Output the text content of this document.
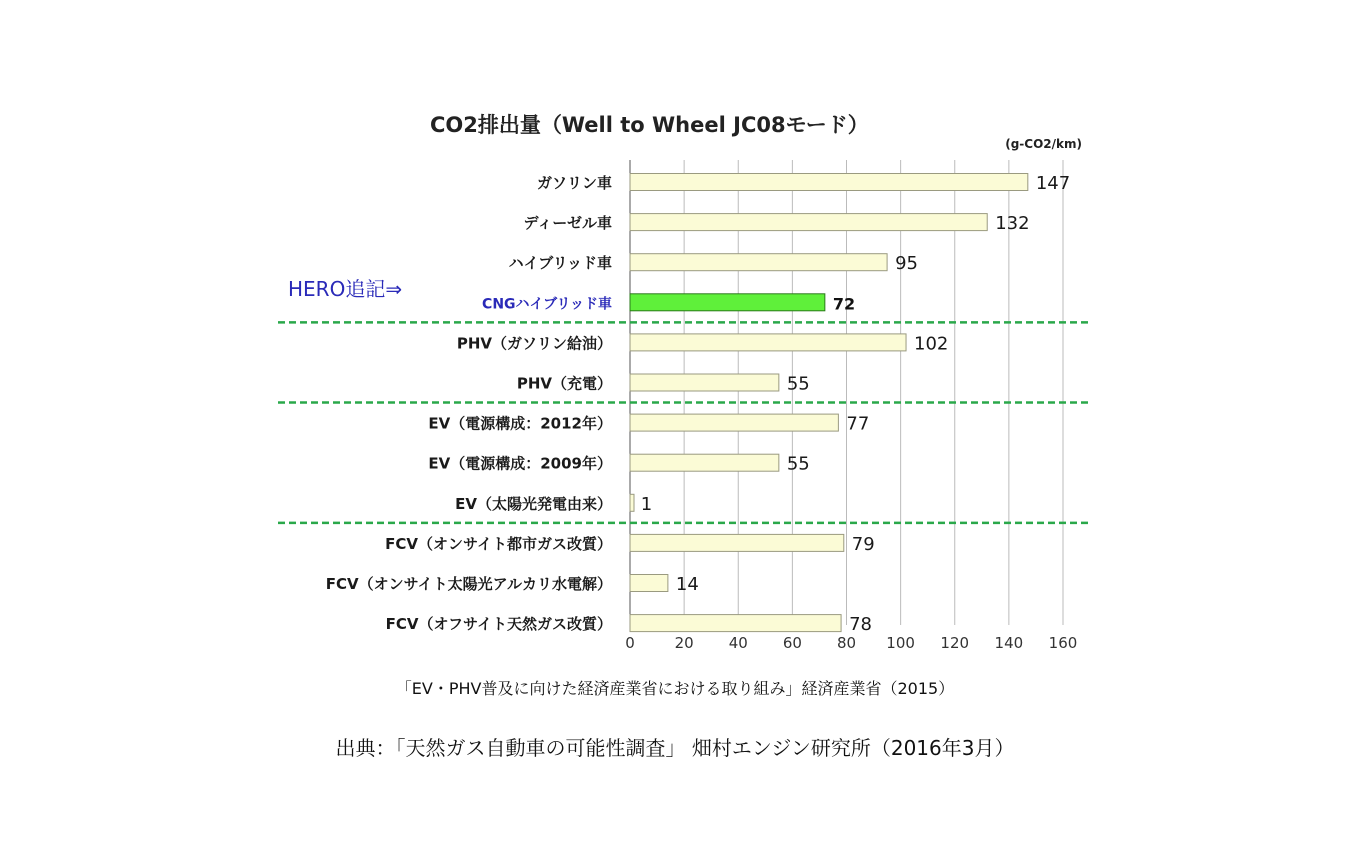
CO2排出量（Well to Wheel JC08モード）
(g-CO2/km)
147
132
95
72
102
55
77
55
1
79
14
78
HERO追記⇒
ガソリン車
ディーゼル車
ハイブリッド車
CNGハイブリッド車
PHV（ガソリン給油）
PHV（充電）
EV（電源構成：2012年）
EV（電源構成：2009年）
EV（太陽光発電由来）
FCV（オンサイト都市ガス改質）
FCV（オンサイト太陽光アルカリ水電解）
FCV（オフサイト天然ガス改質）
0	20 40 60 80 100 120 140 160
「EV・PHV普及に向けた経済産業省における取り組み」経済産業省（2015）
出典：「天然ガス自動車の可能性調査」 畑村エンジン研究所（2016年3月）
